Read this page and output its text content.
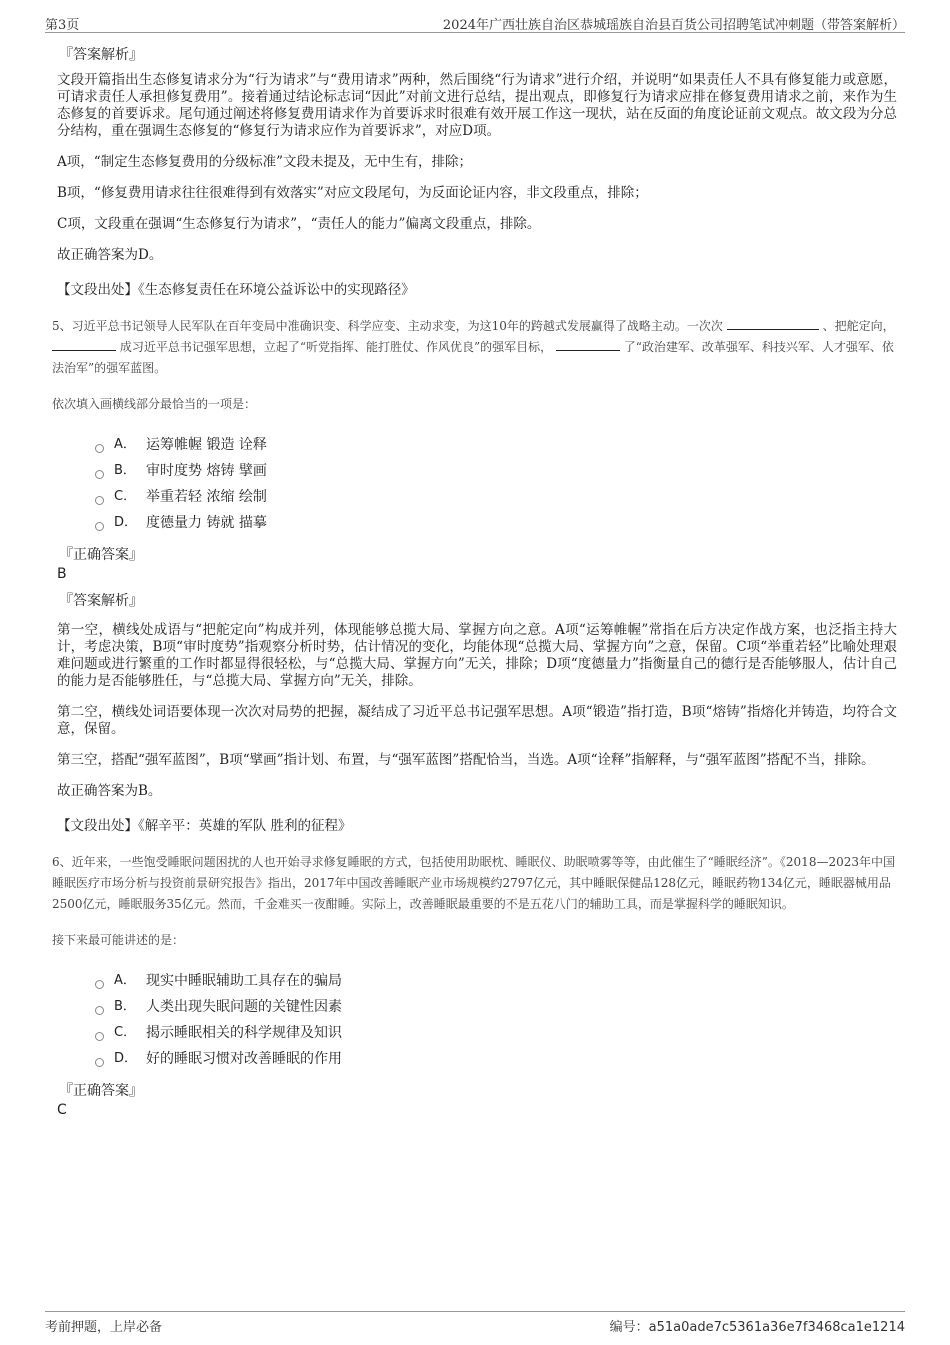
第3页	2024年广西壮族自治区恭城瑶族自治县百货公司招聘笔试冲刺题（带答案解析）
『答案解析』

文段开篇指出生态修复请求分为“行为请求”与“费用请求”两种，然后围绕“行为请求”进行介绍，并说明“如果责任人不具有修复能力或意愿，可请求责任人承担修复费用”。接着通过结论标志词“因此”对前文进行总结，提出观点，即修复行为请求应排在修复费用请求之前，来作为生态修复的首要诉求。尾句通过阐述将修复费用请求作为首要诉求时很难有效开展工作这一现状，站在反面的角度论证前文观点。故文段为分总分结构，重在强调生态修复的“修复行为请求应作为首要诉求”，对应D项。

A项，“制定生态修复费用的分级标准”文段未提及，无中生有，排除；

B项，“修复费用请求往往很难得到有效落实”对应文段尾句，为反面论证内容，非文段重点，排除；

C项，文段重在强调“生态修复行为请求”，“责任人的能力”偏离文段重点，排除。

故正确答案为D。

【文段出处】《生态修复责任在环境公益诉讼中的实现路径》

5、习近平总书记领导人民军队在百年变局中准确识变、科学应变、主动求变，为这10年的跨越式发展赢得了战略主动。一次次	、把舵定向，  成习近平总书记强军思想，立起了“听党指挥、能打胜仗、作风优良”的强军目标，	了“政治建军、改革强军、科技兴军、人才强军、依法治军”的强军蓝图。

依次填入画横线部分最恰当的一项是：

A． 运筹帷幄 锻造 诠释
B． 审时度势 熔铸 擘画
C． 举重若轻 浓缩 绘制
D． 度德量力 铸就 描摹
『正确答案』
B
『答案解析』

第一空，横线处成语与“把舵定向”构成并列，体现能够总揽大局、掌握方向之意。A项“运筹帷幄”常指在后方决定作战方案，也泛指主持大计，考虑决策，B项“审时度势”指观察分析时势，估计情况的变化，均能体现“总揽大局、掌握方向”之意，保留。C项“举重若轻”比喻处理艰难问题或进行繁重的工作时都显得很轻松，与“总揽大局、掌握方向”无关，排除；D项“度德量力”指衡量自己的德行是否能够服人，估计自己的能力是否能够胜任，与“总揽大局、掌握方向”无关，排除。

第二空，横线处词语要体现一次次对局势的把握，凝结成了习近平总书记强军思想。A项“锻造”指打造，B项“熔铸”指熔化并铸造，均符合文意，保留。

第三空，搭配“强军蓝图”，B项“擘画”指计划、布置，与“强军蓝图”搭配恰当，当选。A项“诠释”指解释，与“强军蓝图”搭配不当，排除。

故正确答案为B。

【文段出处】《解辛平：英雄的军队 胜利的征程》

6、近年来，一些饱受睡眠问题困扰的人也开始寻求修复睡眠的方式，包括使用助眠枕、睡眠仪、助眠喷雾等等，由此催生了“睡眠经济”。《2018—2023年中国睡眠医疗市场分析与投资前景研究报告》指出，2017年中国改善睡眠产业市场规模约2797亿元，其中睡眠保健品128亿元，睡眠药物134亿元，睡眠器械用品2500亿元，睡眠服务35亿元。然而，千金难买一夜酣睡。实际上，改善睡眠最重要的不是五花八门的辅助工具，而是掌握科学的睡眠知识。

接下来最可能讲述的是：

A． 现实中睡眠辅助工具存在的骗局
B． 人类出现失眠问题的关键性因素
C． 揭示睡眠相关的科学规律及知识
D． 好的睡眠习惯对改善睡眠的作用
『正确答案』
C
考前押题，上岸必备	编号：a51a0ade7c5361a36e7f3468ca1e1214
